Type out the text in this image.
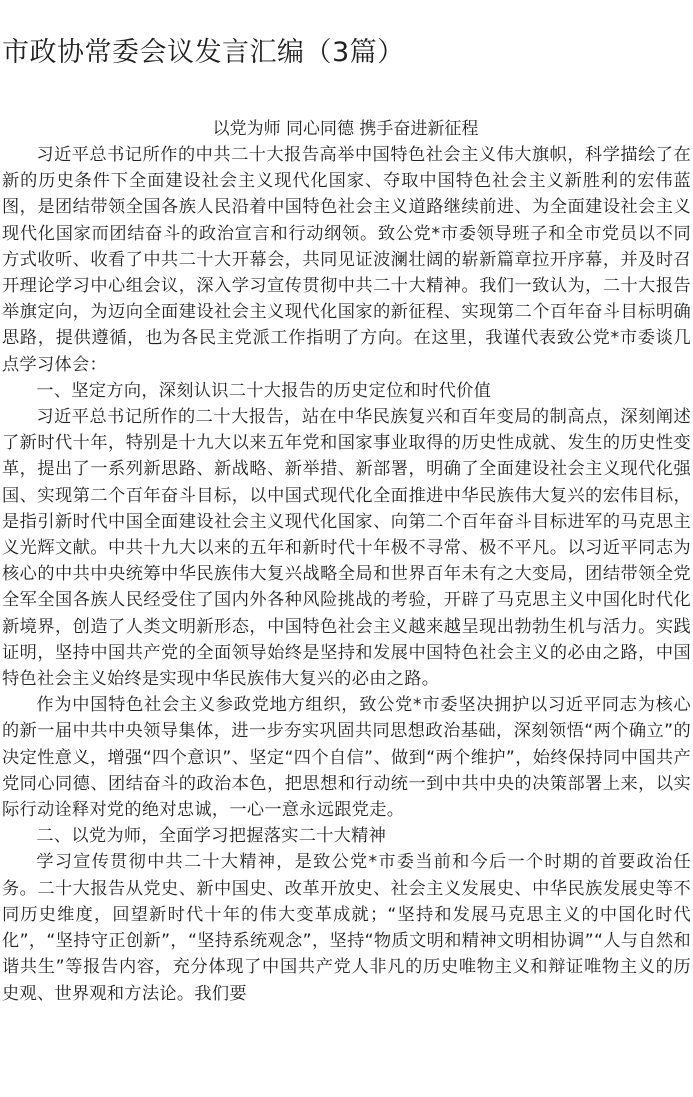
市政协常委会议发言汇编（3篇）

以党为师 同心同德 携手奋进新征程

习近平总书记所作的中共二十大报告高举中国特色社会主义伟大旗帜，科学描绘了在新的历史条件下全面建设社会主义现代化国家、夺取中国特色社会主义新胜利的宏伟蓝图，是团结带领全国各族人民沿着中国特色社会主义道路继续前进、为全面建设社会主义现代化国家而团结奋斗的政治宣言和行动纲领。致公党*市委领导班子和全市党员以不同方式收听、收看了中共二十大开幕会，共同见证波澜壮阔的崭新篇章拉开序幕，并及时召开理论学习中心组会议，深入学习宣传贯彻中共二十大精神。我们一致认为，二十大报告举旗定向，为迈向全面建设社会主义现代化国家的新征程、实现第二个百年奋斗目标明确思路，提供遵循，也为各民主党派工作指明了方向。在这里，我谨代表致公党*市委谈几点学习体会：

一、坚定方向，深刻认识二十大报告的历史定位和时代价值

习近平总书记所作的二十大报告，站在中华民族复兴和百年变局的制高点，深刻阐述了新时代十年，特别是十九大以来五年党和国家事业取得的历史性成就、发生的历史性变革，提出了一系列新思路、新战略、新举措、新部署，明确了全面建设社会主义现代化强国、实现第二个百年奋斗目标，以中国式现代化全面推进中华民族伟大复兴的宏伟目标，是指引新时代中国全面建设社会主义现代化国家、向第二个百年奋斗目标进军的马克思主义光辉文献。中共十九大以来的五年和新时代十年极不寻常、极不平凡。以习近平同志为核心的中共中央统筹中华民族伟大复兴战略全局和世界百年未有之大变局，团结带领全党全军全国各族人民经受住了国内外各种风险挑战的考验，开辟了马克思主义中国化时代化新境界，创造了人类文明新形态，中国特色社会主义越来越呈现出勃勃生机与活力。实践证明，坚持中国共产党的全面领导始终是坚持和发展中国特色社会主义的必由之路，中国特色社会主义始终是实现中华民族伟大复兴的必由之路。

作为中国特色社会主义参政党地方组织，致公党*市委坚决拥护以习近平同志为核心的新一届中共中央领导集体，进一步夯实巩固共同思想政治基础，深刻领悟“两个确立”的决定性意义，增强“四个意识”、坚定“四个自信”、做到“两个维护”，始终保持同中国共产党同心同德、团结奋斗的政治本色，把思想和行动统一到中共中央的决策部署上来，以实际行动诠释对党的绝对忠诚，一心一意永远跟党走。

二、以党为师，全面学习把握落实二十大精神

学习宣传贯彻中共二十大精神，是致公党*市委当前和今后一个时期的首要政治任务。二十大报告从党史、新中国史、改革开放史、社会主义发展史、中华民族发展史等不同历史维度，回望新时代十年的伟大变革成就；“坚持和发展马克思主义的中国化时代化”，“坚持守正创新”，“坚持系统观念”，坚持“物质文明和精神文明相协调”“人与自然和谐共生”等报告内容，充分体现了中国共产党人非凡的历史唯物主义和辩证唯物主义的历史观、世界观和方法论。我们要
